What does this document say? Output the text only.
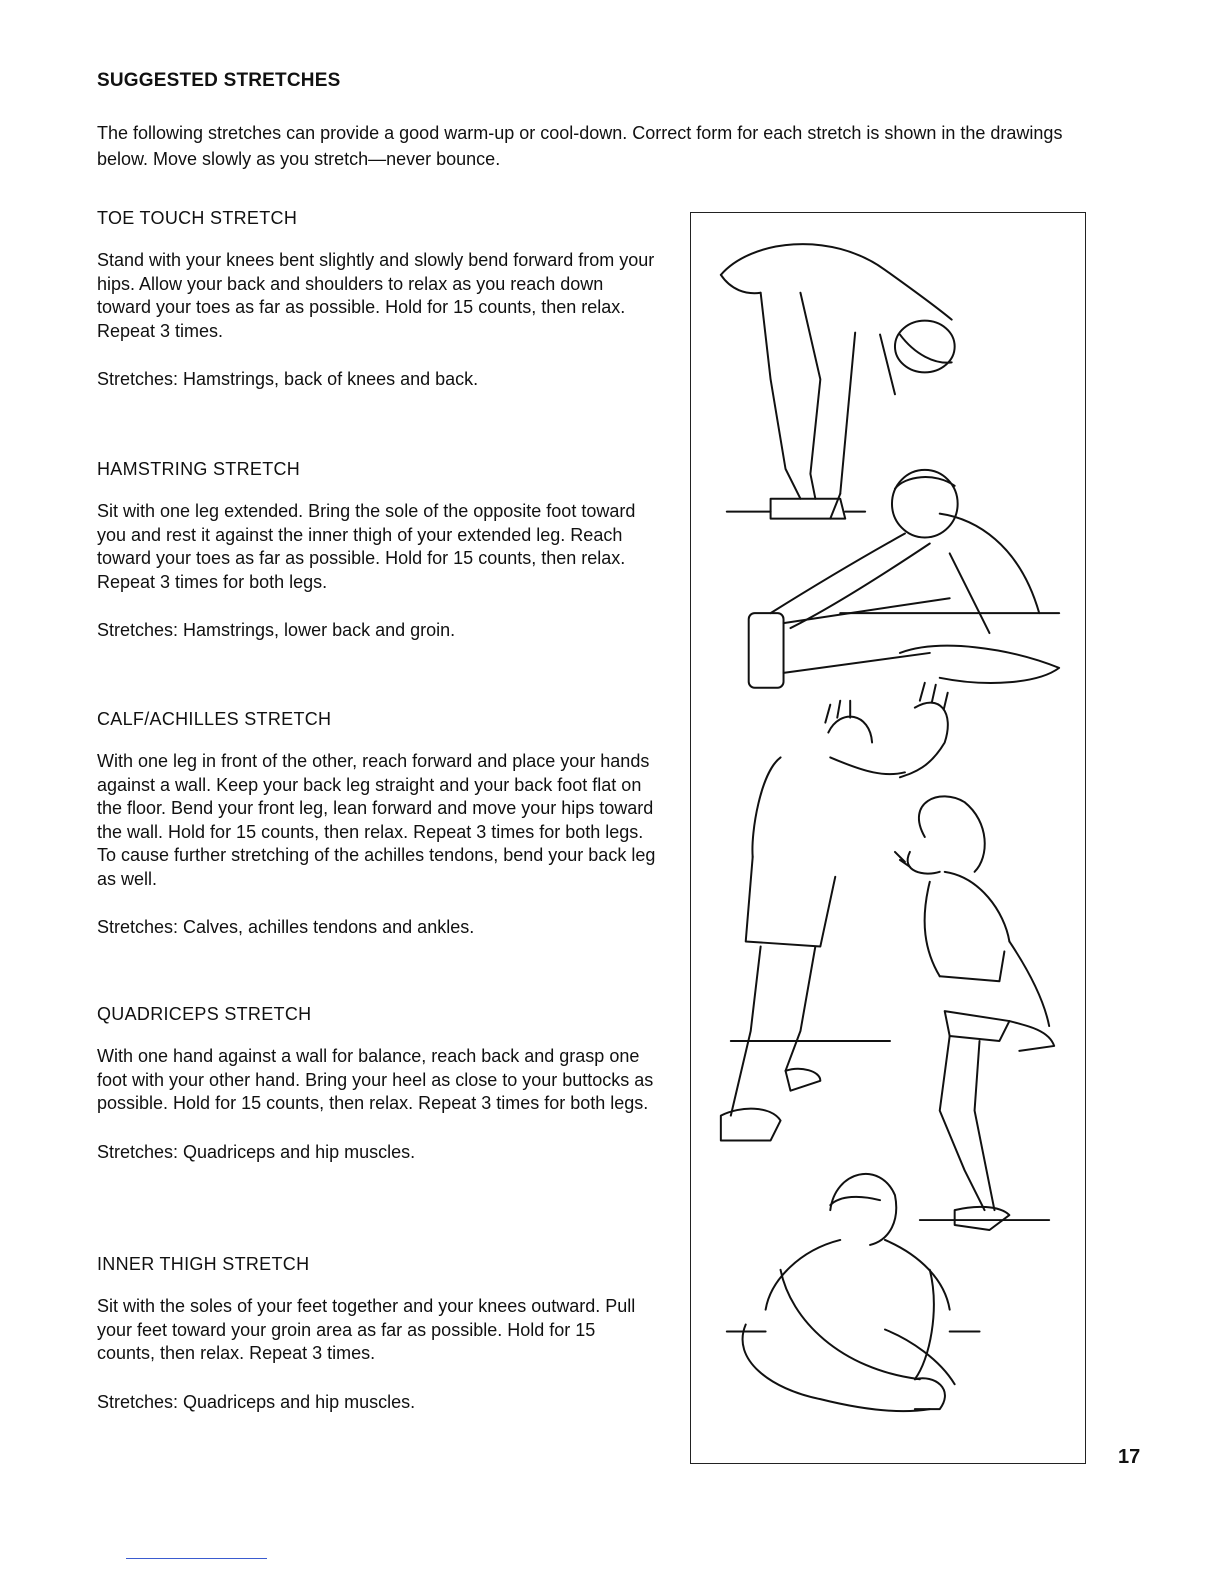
SUGGESTED STRETCHES
The following stretches can provide a good warm-up or cool-down. Correct form for each stretch is shown in the drawings below. Move slowly as you stretch—never bounce.
TOE TOUCH STRETCH

Stand with your knees bent slightly and slowly bend forward from your hips. Allow your back and shoulders to relax as you reach down toward your toes as far as possible. Hold for 15 counts, then relax. Repeat 3 times.

Stretches: Hamstrings, back of knees and back.

HAMSTRING STRETCH

Sit with one leg extended. Bring the sole of the opposite foot toward you and rest it against the inner thigh of your extended leg. Reach toward your toes as far as possible. Hold for 15 counts, then relax. Repeat 3 times for both legs.

Stretches: Hamstrings, lower back and groin.

CALF/ACHILLES STRETCH

With one leg in front of the other, reach forward and place your hands against a wall. Keep your back leg straight and your back foot flat on the floor. Bend your front leg, lean forward and move your hips toward the wall. Hold for 15 counts, then relax. Repeat 3 times for both legs. To cause further stretching of the achilles tendons, bend your back leg as well.

Stretches: Calves, achilles tendons and ankles.

QUADRICEPS STRETCH

With one hand against a wall for balance, reach back and grasp one foot with your other hand. Bring your heel as close to your buttocks as possible. Hold for 15 counts, then relax. Repeat 3 times for both legs.

Stretches: Quadriceps and hip muscles.

INNER THIGH STRETCH

Sit with the soles of your feet together and your knees outward. Pull your feet toward your groin area as far as possible. Hold for 15 counts, then relax. Repeat 3 times.

Stretches: Quadriceps and hip muscles.

17
